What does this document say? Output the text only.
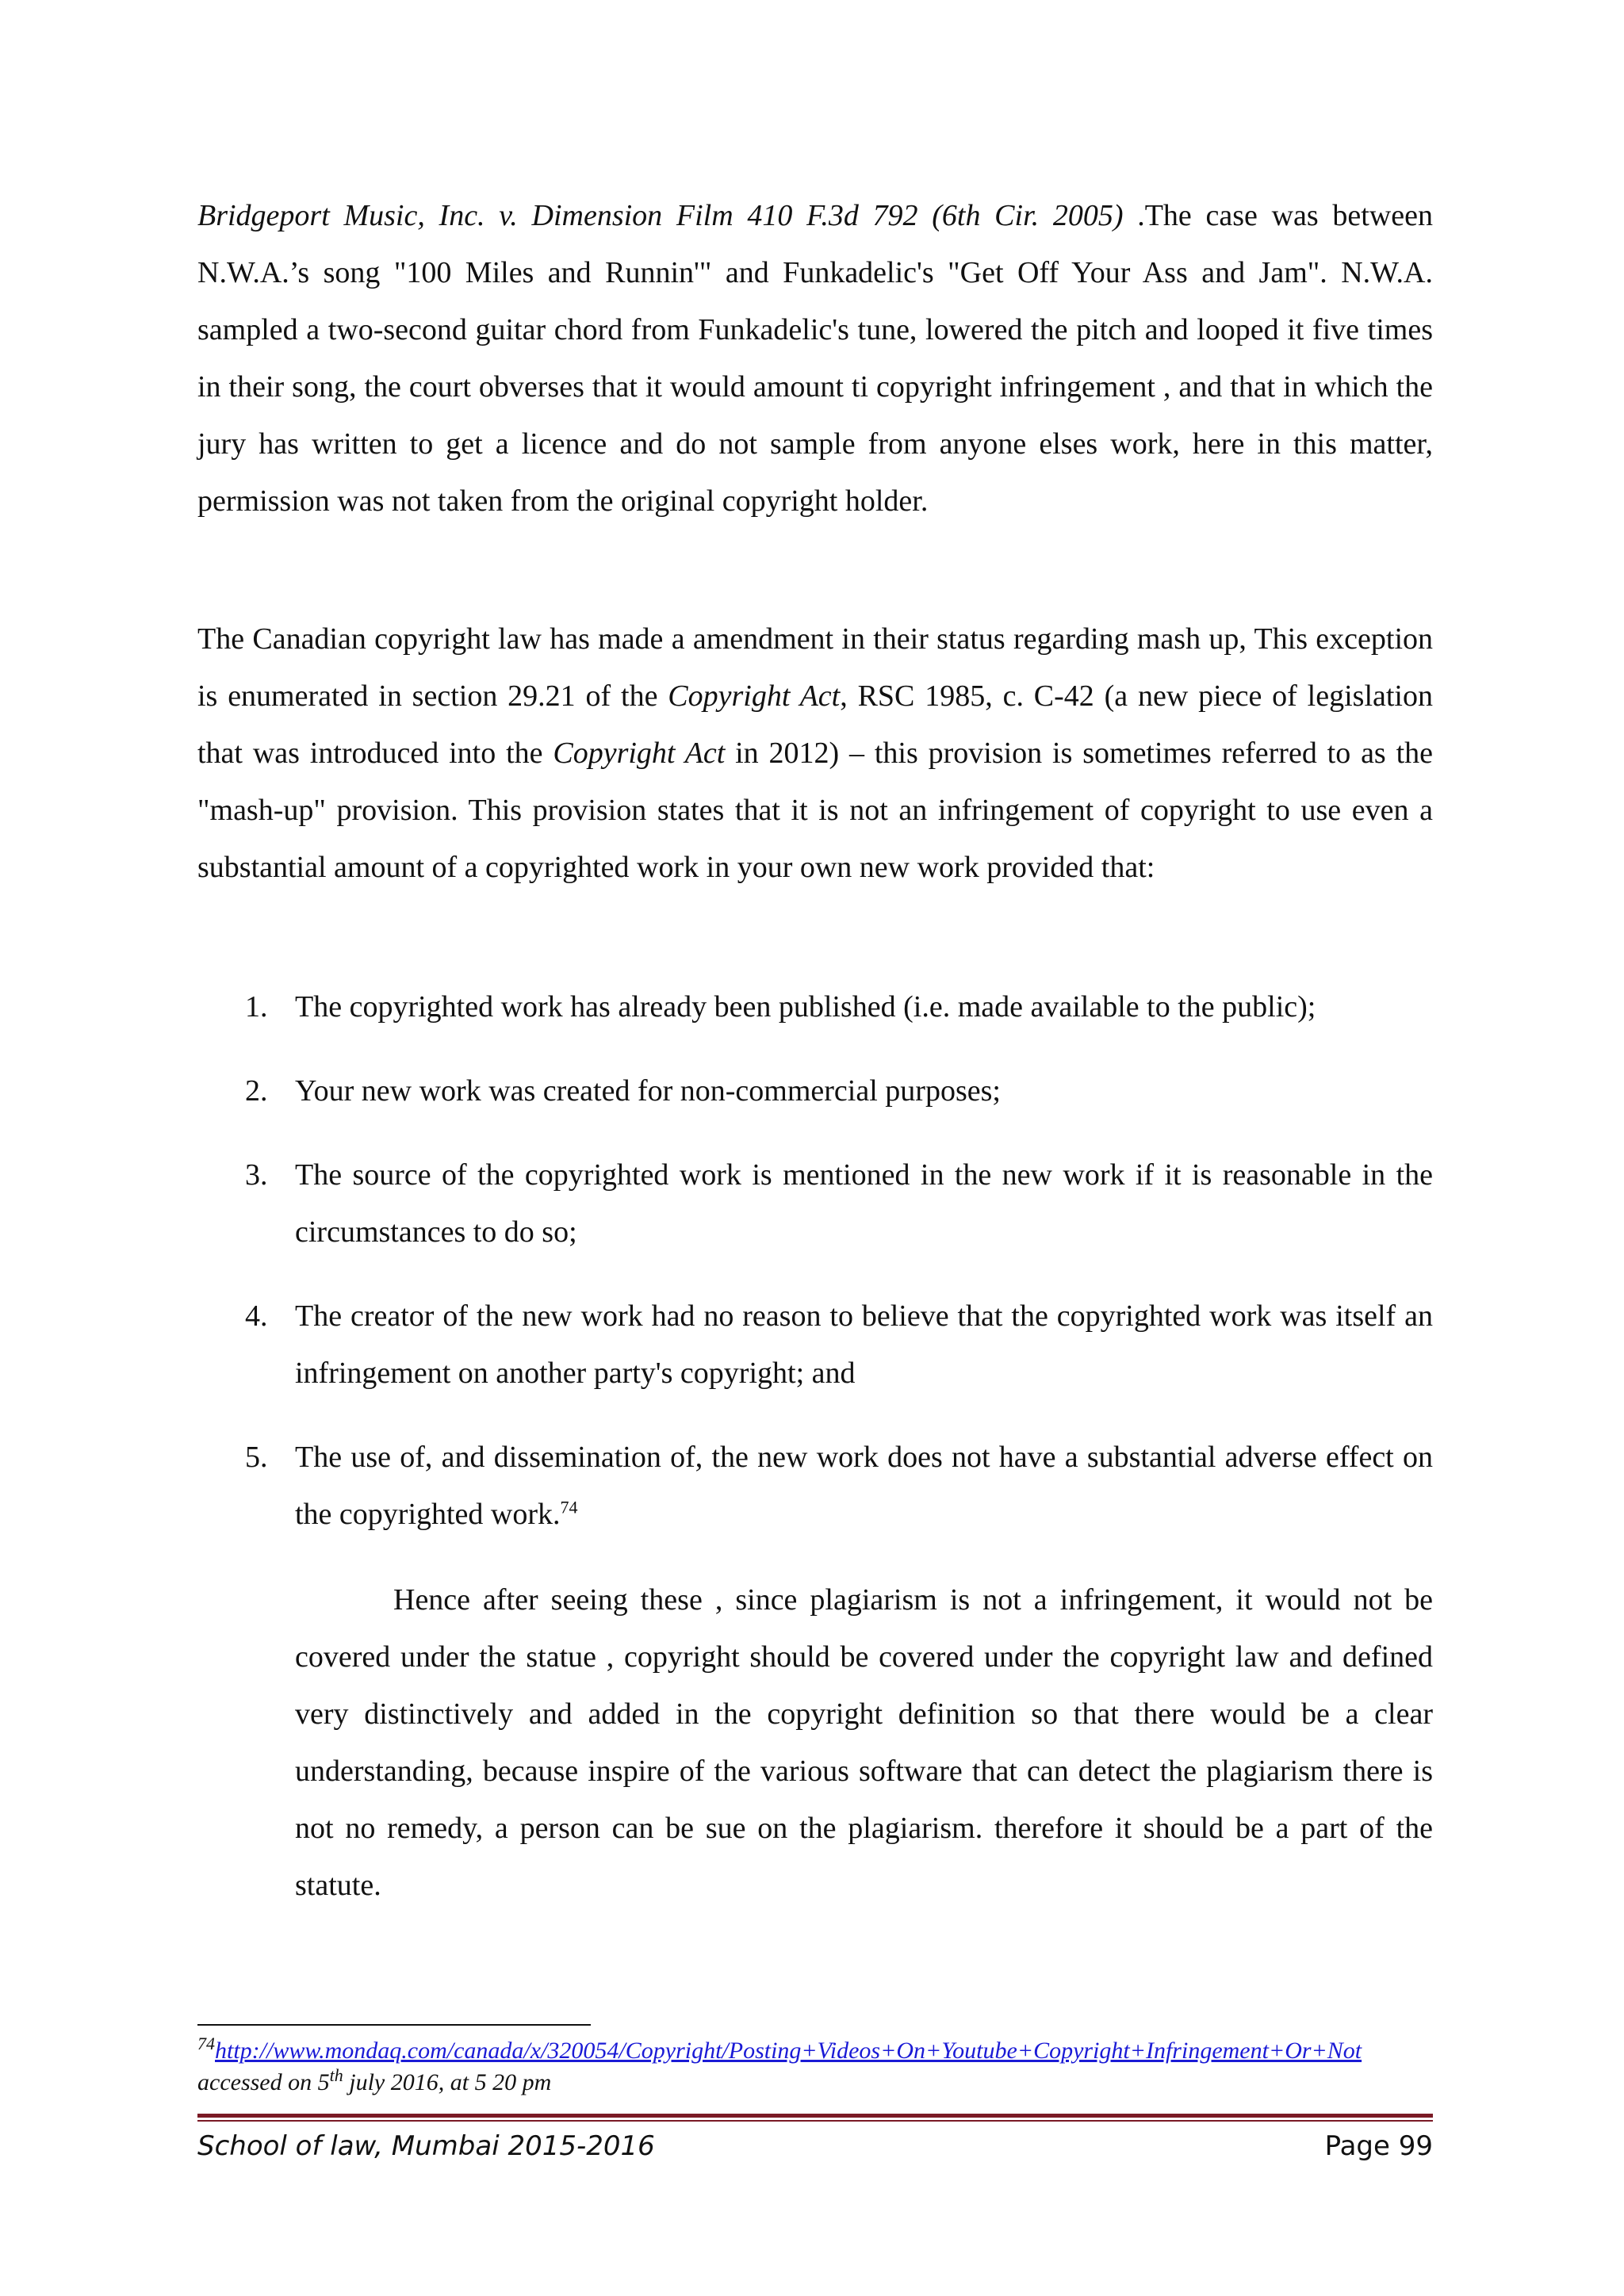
Bridgeport Music, Inc. v. Dimension Film 410 F.3d 792 (6th Cir. 2005) .The case was between N.W.A.’s song "100 Miles and Runnin'" and Funkadelic's "Get Off Your Ass and Jam". N.W.A. sampled a two-second guitar chord from Funkadelic's tune, lowered the pitch and looped it five times in their song, the court obverses that it would amount ti copyright infringement , and that in which the jury has written to get a licence and do not sample from anyone elses work, here in this matter, permission was not taken from the original copyright holder.
The Canadian copyright law has made a amendment in their status regarding mash up, This exception is enumerated in section 29.21 of the Copyright Act, RSC 1985, c. C-42 (a new piece of legislation that was introduced into the Copyright Act in 2012) – this provision is sometimes referred to as the "mash-up" provision. This provision states that it is not an infringement of copyright to use even a substantial amount of a copyrighted work in your own new work provided that:
1. The copyrighted work has already been published (i.e. made available to the public);
2. Your new work was created for non-commercial purposes;
3. The source of the copyrighted work is mentioned in the new work if it is reasonable in the circumstances to do so;
4. The creator of the new work had no reason to believe that the copyrighted work was itself an infringement on another party's copyright; and
5. The use of, and dissemination of, the new work does not have a substantial adverse effect on the copyrighted work.$^{74}$
Hence after seeing these , since plagiarism is not a infringement, it would not be covered under the statue , copyright should be covered under the copyright law and defined very distinctively and added in the copyright definition so that there would be a clear understanding, because inspire of the various software that can detect the plagiarism there is not no remedy, a person can be sue on the plagiarism. therefore it should be a part of the statute.
$^{74}$http://www.mondaq.com/canada/x/320054/Copyright/Posting+Videos+On+Youtube+Copyright+Infringement+Or+Not accessed on 5th july 2016, at 5 20 pm
School of law, Mumbai 2015-2016	Page 99
